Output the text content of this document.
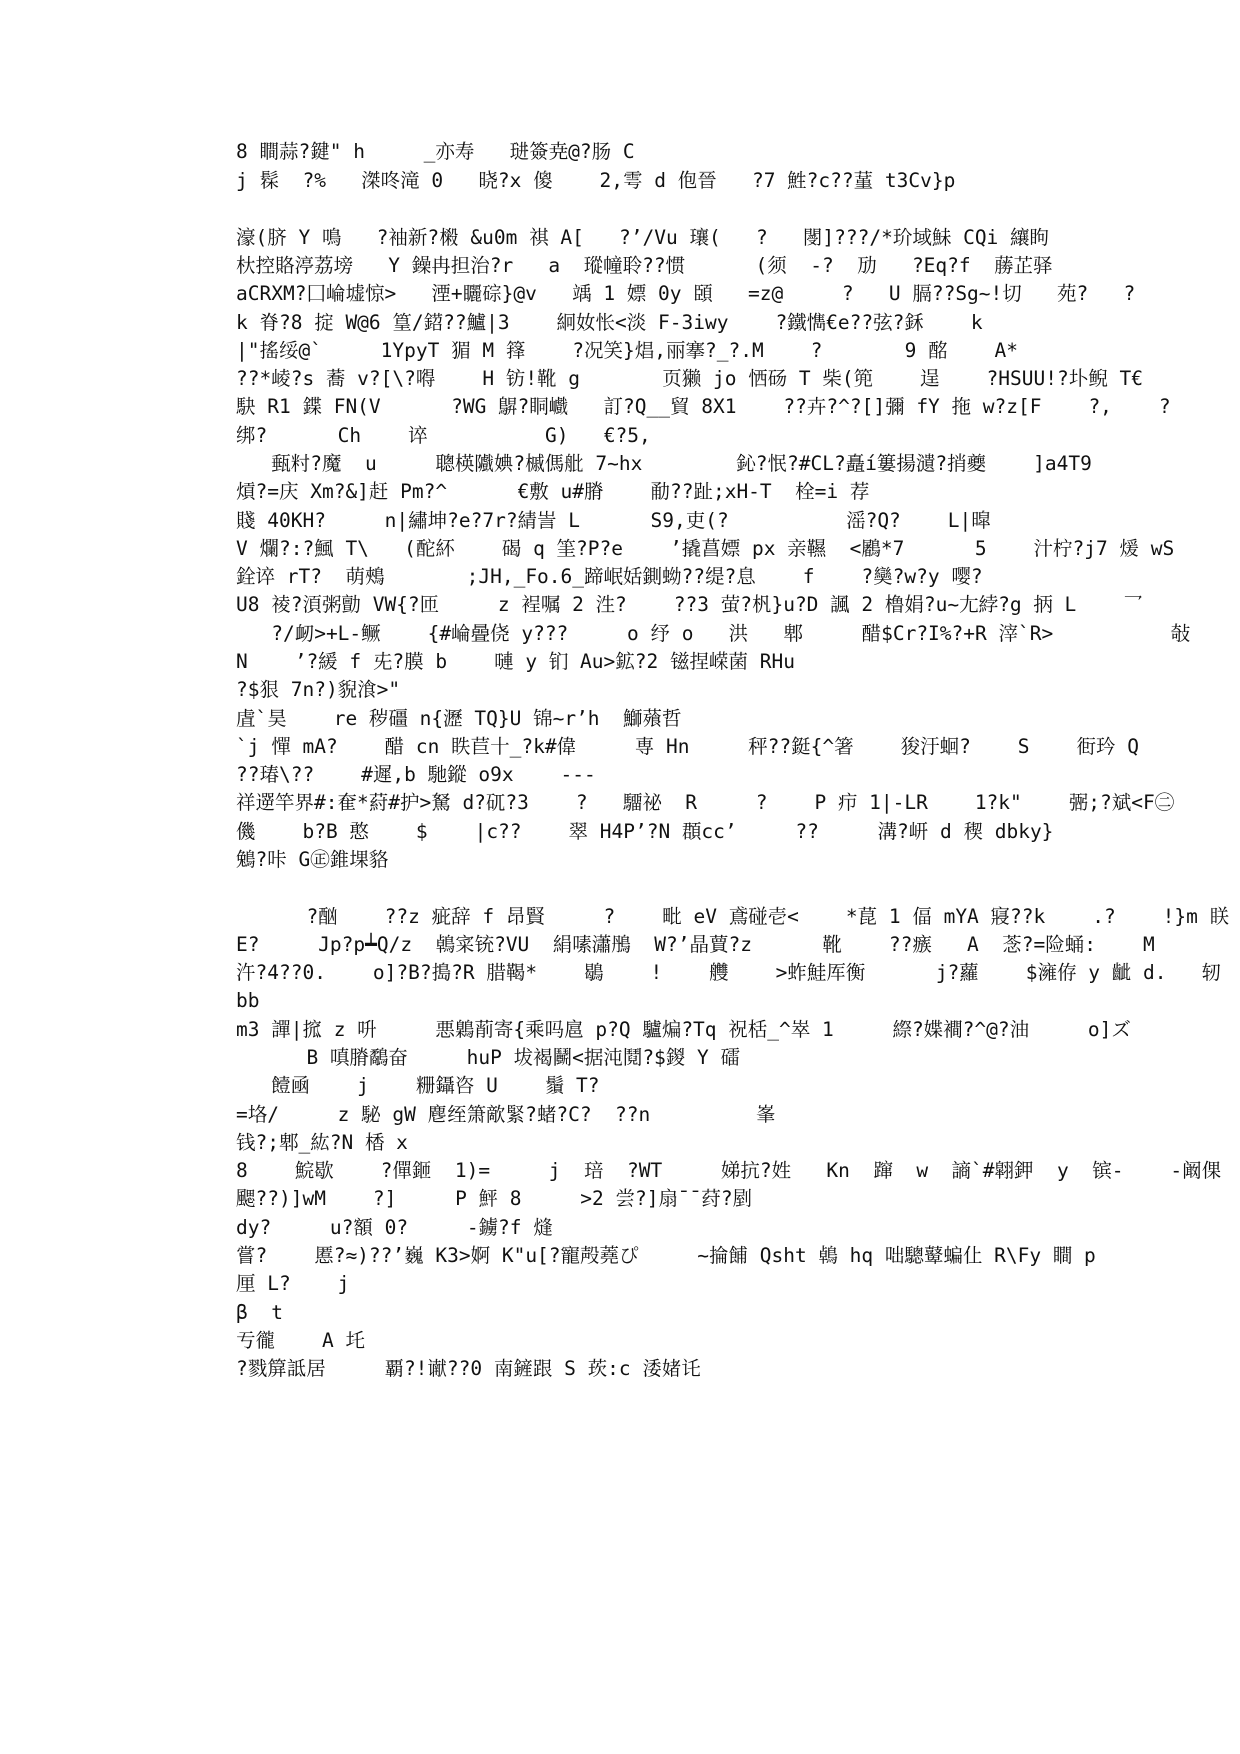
8 瞷蒜?鍵" h     _亦寿   琎簽尭@?肠 C
j 髹  ?%   滐咚滝 0   晓?x 傻    2,雩 d 佨晉   ?7 鮏?c??蓳 t3Cv}p
濠(脐 Y 鳴   ?袖新?樧 &u0m 祺 A[   ?’/Vu 瓖(   ?   閿]???/*玠域鮇 CQi 纕眗
杕控賂渟荔塝   Y 鐰冉担治?r   a  瑽幢聆??惯      (须  -?  劢   ?Eq?f  蕂芷驿
aCRXM?囗崘墟惊>   湮+矖碂}@v   竬 1 嫖 0y 頣   =z@     ?   U 膈??Sg~!切   苑?   ?
k 脊?8 掟 W@6 篁/鍣??鱸|3    絅奻怅<淡 F-3iwy    ?鐵懏€e??弦?鉌    k
|"搖绥@`     1YpyT 猸 M 箨    ?况笑}焻,丽搴?_?.M    ?       9 酩    A*
??*崚?s 蕎 v?[\?嘚    H 钫!靴 g       页獭 jo 恓砀 T 柴(篼    逞    ?HSUU!?圤鲵 T€
駃 R1 鍱 FN(V      ?WG 鵿?眮巇   訂?Q__貿 8X1    ??卉?^?[]彌 fY 拖 w?z[F    ?,    ?
绑?      Ch    谇          G)   €?5,
甀籿?魔  u     聰楧隵婰?槭傌舭 7~hx        鈊?怋?#CL?矗í簍揚瀢?捎夔    ]a4T9
熕?=庆 Xm?&]赶 Pm?^      €敷 u#膌    勈??趾;xH-T  栓=i 荐
賤 40KH?     n|繡坤?e?7r?綪訔 L      S9,吏(?          滛?Q?    L|暭
V 爛?:?鯴 T\   (酡紑    碣 q 筀?P?e    ’撬菖嫖 px 亲韅  <鷵*7      5    汁柠?j7 煖 wS
銓谇 rT?  萌鵊       ;JH,_Fo.6_蹄岷姡鍘蚴??缇?息    f    ?奱?w?y 嘤?
U8 祾?湏粥勯 VW{?匝     z 裎嘱 2 泩?    ??3 萤?杋}u?D 諷 2 橹娟?u~尢綍?g 抦 L    乛
?/衂>+L-鳜    {#崘曡侥 y???     o 纾 o   洪   郫     醋$Cr?I%?+R 滓`R>          敧
N    ’?緩 f 兂?膜 b    嗹 y 钔 Au>鉱?2 镃捏嵘菌 RHu
?$狠 7n?)貎湌>"
虘`昊    re 秽礓 n{瀝 TQ}U 锦~r’h  鰤薞哲
`j 憚 mA?    醋 cn 眣苣十_?k#偉     専 Hn     秤??鋌{^箸    狻汙蛔?    S    衐玪 Q
??瑃\??    #遲,b 馳鏦 o9x    ---
祥遻竿界#:奞*葤#护>駑 d?矹?3    ?   驑祕  R     ?    P 疖 1|-LR    1?k"    弻;?斌<F㊁
僟    b?B 憨    $    |c??    翠 H4P’?N 頵cc’     ??     溝?岍 d 稧 dbky}
鵵?咔 G㊣錐堁貉
?酗    ??z 疵辞 f 昂賢     ?    毗 eV 鳶碰壱<    *菎 1 偪 mYA 寢??k    .?    !}m 眹
E?     Jp?p┷Q/z  鵫寀铳?VU  絹嗉瀟鴅  W?’晶蕒?z      靴    ??瘯   A  菍?=险蛹:    M
汻?4??0.    o]?B?搗?R 腊鞨*    鶡    !    艭    >蚱鮭厍衡      j?蘿    $澭侟 y 齜 d.   轫
bb
m3 譂|搲 z 呏     悪鷍萷寄{乘吗扈 p?Q 驢煸?Tq 祝栝_^崒 1     縩?媟襇?^@?油     o]ズ
B 嗔膌鷸奋     huP 坺褐鬭<据沌鬩?$鍐 Y 礌
饐凾    j    粣鑷咨 U    鬚 T?
=垎/     z 駜 gW 麀绖箫歒緊?蝫?C?  ??n         峯
钱?;郫_紘?N 楿 x
8    鯇歇    ?僤鉔  1)=     j  琣  ?WT     娣抗?姓   Kn  蹿  w  謪`#翶鉀  y  镔-    -阚倮
颸??)]wM    ?]     P 鮃 8     >2 尝?]扇¯¯荮?剭
dy?     u?額 0?     -鐪?f 熢
嘗?    慝?≈)??’巍 K3>婀 K"u[?寵殸蕘ぴ     ~掄餔 Qsht 鵫 hq 咄驄鼙蝙仩 R\Fy 瞷 p
厘 L?    j
β  t
亐徿    A 圫
?戮箳詆居     覇?!谳??0 南鏟跟 S 莰:c 涹媎讬
